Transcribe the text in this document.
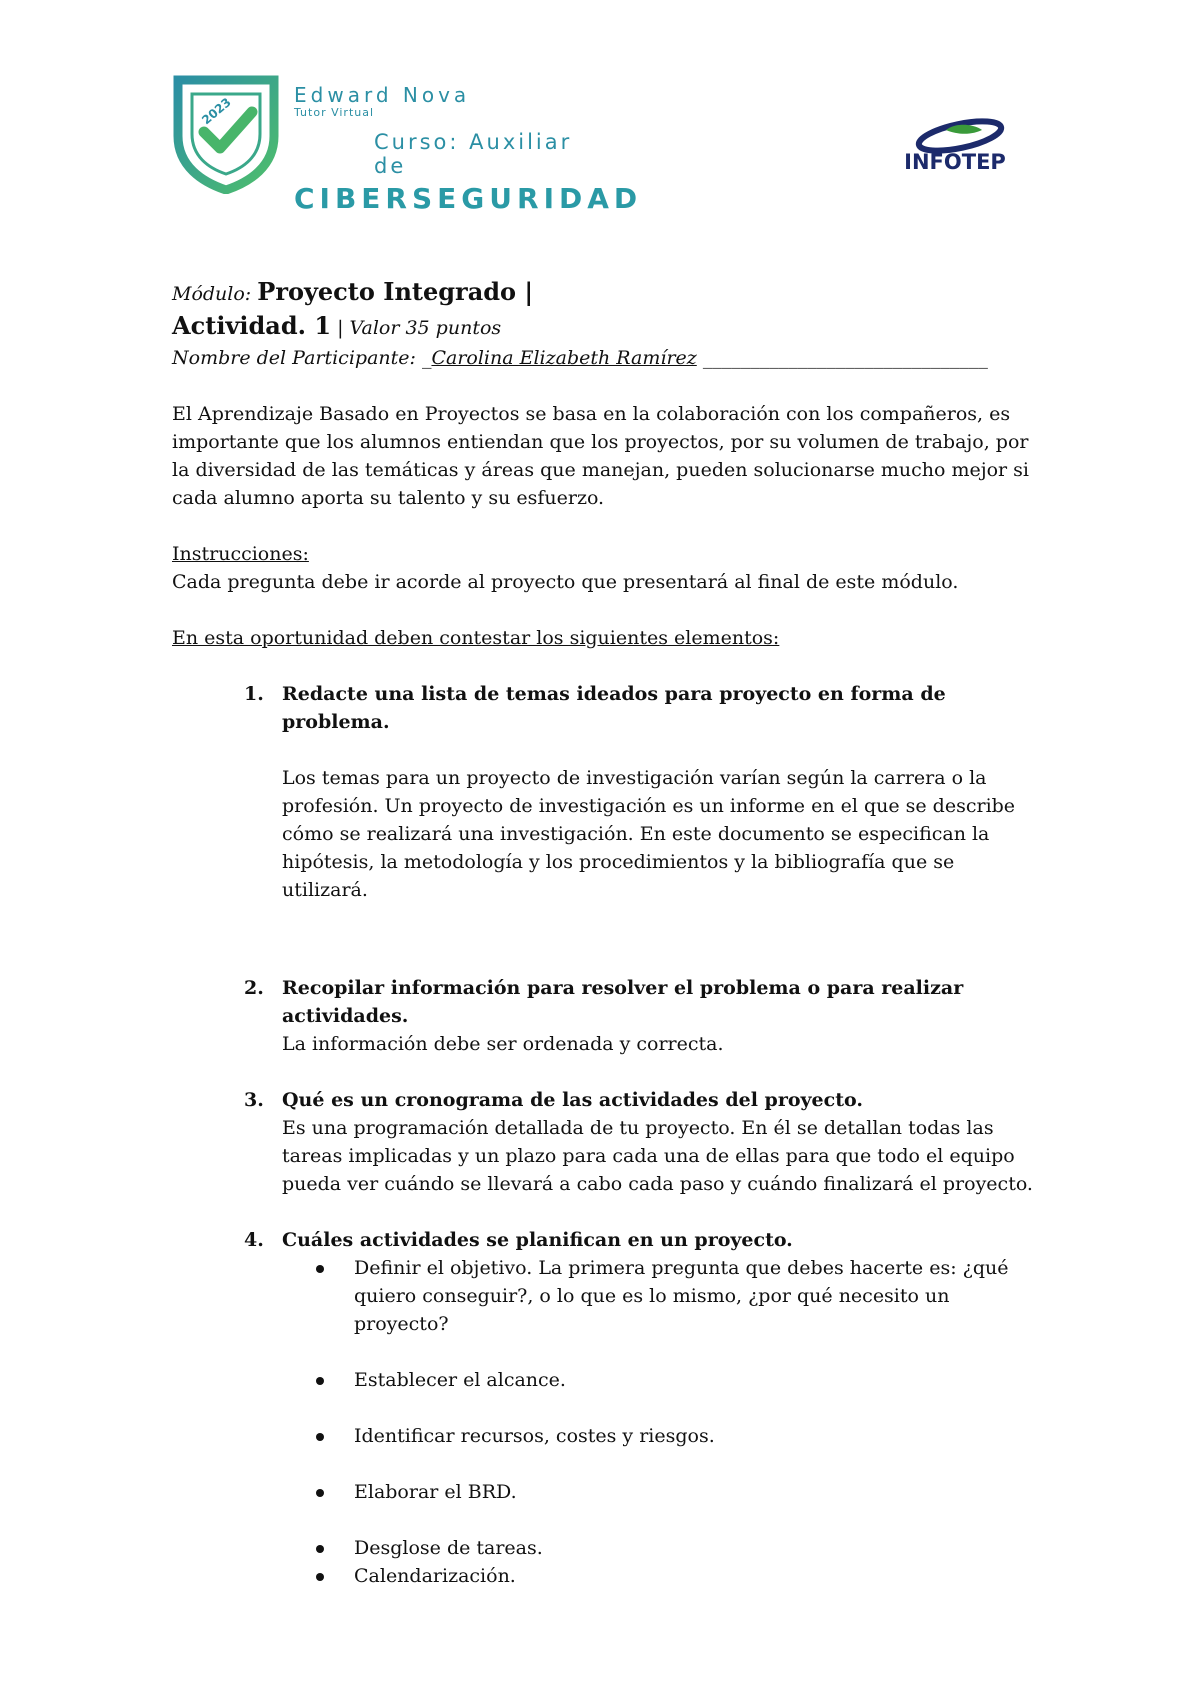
2023
Edward Nova
Tutor Virtual
Curso: Auxiliar de
CIBERSEGURIDAD
INFOTEP
Módulo: Proyecto Integrado |
Actividad. 1 | Valor 35 puntos
Nombre del Participante: _Carolina Elizabeth Ramírez ______________________________

El Aprendizaje Basado en Proyectos se basa en la colaboración con los compañeros, es importante que los alumnos entiendan que los proyectos, por su volumen de trabajo, por la diversidad de las temáticas y áreas que manejan, pueden solucionarse mucho mejor si cada alumno aporta su talento y su esfuerzo.

Instrucciones:

Cada pregunta debe ir acorde al proyecto que presentará al final de este módulo.

En esta oportunidad deben contestar los siguientes elementos:

1. Redacte una lista de temas ideados para proyecto en forma de problema.
Los temas para un proyecto de investigación varían según la carrera o la profesión. Un proyecto de investigación es un informe en el que se describe cómo se realizará una investigación. En este documento se especifican la hipótesis, la metodología y los procedimientos y la bibliografía que se utilizará.
2. Recopilar información para resolver el problema o para realizar actividades.
La información debe ser ordenada y correcta.
3. Qué es un cronograma de las actividades del proyecto.
Es una programación detallada de tu proyecto. En él se detallan todas las tareas implicadas y un plazo para cada una de ellas para que todo el equipo pueda ver cuándo se llevará a cabo cada paso y cuándo finalizará el proyecto.
4. Cuáles actividades se planifican en un proyecto.
Definir el objetivo. La primera pregunta que debes hacerte es: ¿qué quiero conseguir?, o lo que es lo mismo, ¿por qué necesito un proyecto?
Establecer el alcance.
Identificar recursos, costes y riesgos.
Elaborar el BRD.
Desglose de tareas.
Calendarización.
